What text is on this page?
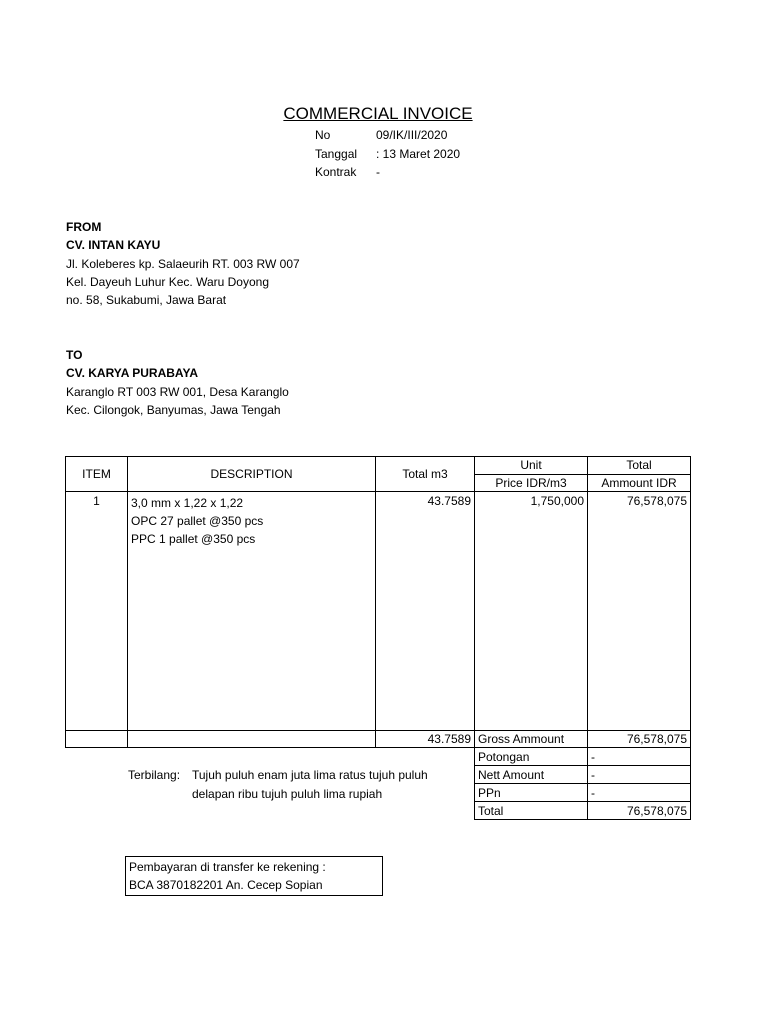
COMMERCIAL INVOICE
No	09/IK/III/2020
Tanggal : 13 Maret 2020
Kontrak -
FROM
CV. INTAN KAYU
Jl. Koleberes kp. Salaeurih RT. 003 RW 007
Kel. Dayeuh Luhur Kec. Waru Doyong
no. 58, Sukabumi, Jawa Barat
TO
CV. KARYA PURABAYA
Karanglo RT 003 RW 001, Desa Karanglo
Kec. Cilongok, Banyumas, Jawa Tengah
ITEM	DESCRIPTION	Total m3	Unit	Total
			Price IDR/m3	Ammount IDR
1	3,0 mm x 1,22 x 1,22
OPC 27 pallet @350 pcs
PPC 1 pallet @350 pcs	43.7589	1,750,000	76,578,075
		43.7589	Gross Ammount	76,578,075
Potongan	-
Nett Amount	-
PPn	-
Total	76,578,075
Terbilang: Tujuh puluh enam juta lima ratus tujuh puluh
delapan ribu tujuh puluh lima rupiah
Pembayaran di transfer ke rekening :
BCA 3870182201 An. Cecep Sopian
